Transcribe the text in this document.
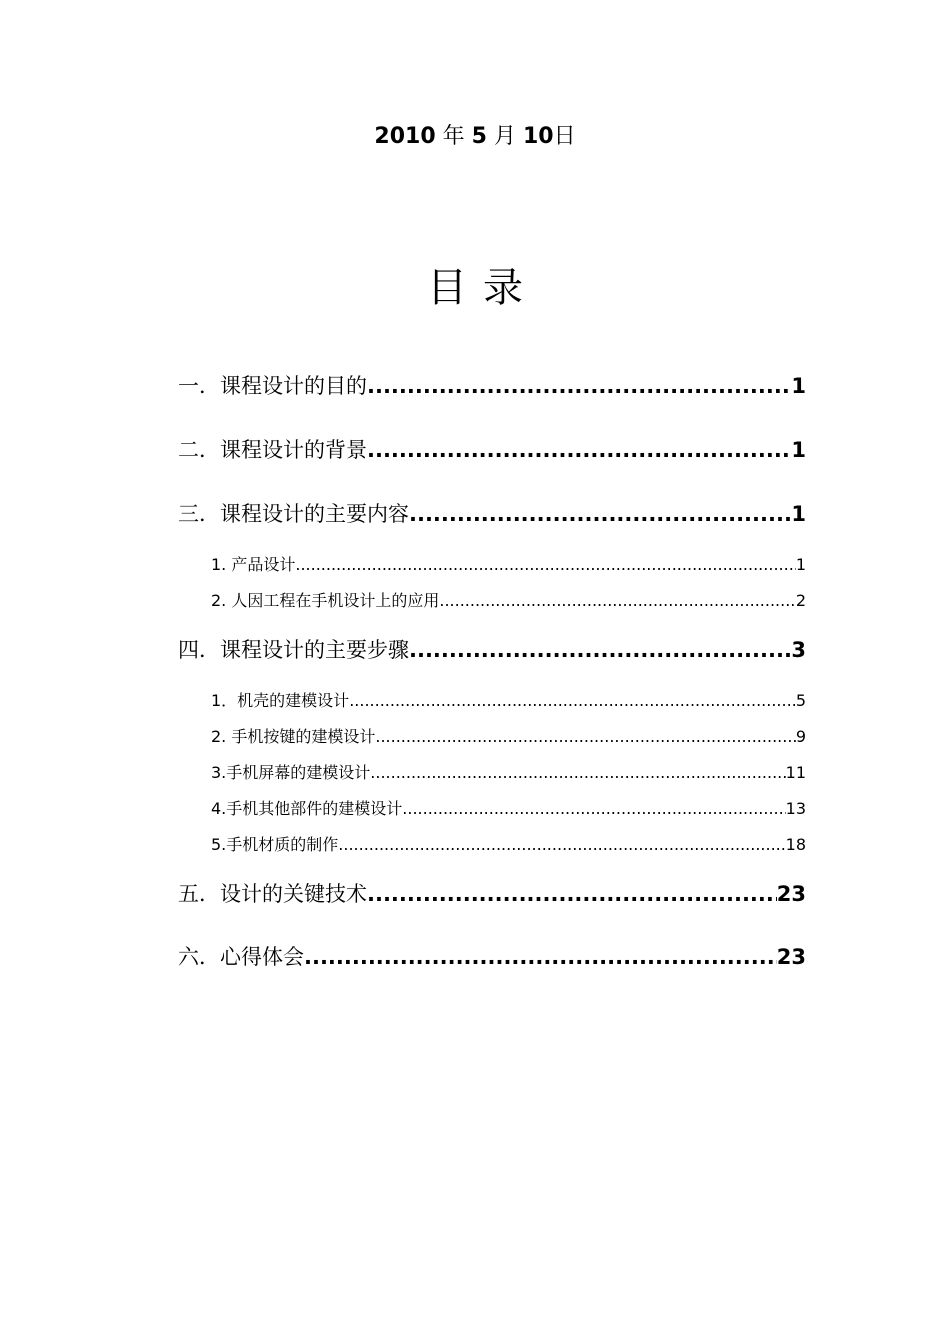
2010 年 5 月 10日
目录
一．课程设计的目的 .....	1
二．课程设计的背景 .....	1
三．课程设计的主要内容 .....	1
1. 产品设计 .....	1
2. 人因工程在手机设计上的应用 .....	2
四．课程设计的主要步骤 .....	3
1．机壳的建模设计 .....	5
2. 手机按键的建模设计 .....	9
3.手机屏幕的建模设计 .....	11
4.手机其他部件的建模设计 .....	13
5.手机材质的制作 .....	18
五．设计的关键技术 .....	23
六．心得体会 .....	23
